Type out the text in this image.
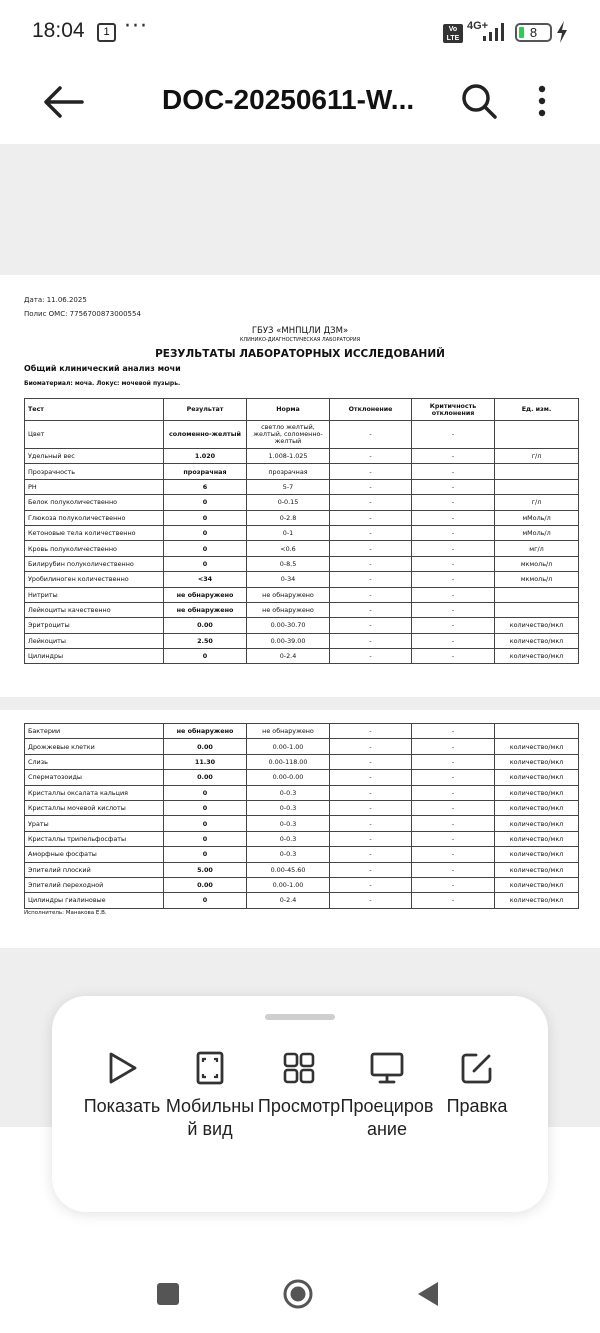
18:04	1 ···	Vo LTE
4G+	8
DOC-20250611-W...
Дата: 11.06.2025
Полис ОМС: 7756700873000554
ГБУЗ «МНПЦЛИ ДЗМ»
КЛИНИКО-ДИАГНОСТИЧЕСКАЯ ЛАБОРАТОРИЯ
РЕЗУЛЬТАТЫ ЛАБОРАТОРНЫХ ИССЛЕДОВАНИЙ
Общий клинический анализ мочи
Биоматериал: моча. Локус: мочевой пузырь.
Тест	Результат	Норма	Отклонение	Критичность отклонения	Ед. изм.
Цвет	соломенно-желтый	светло желтый, желтый, соломенно-желтый	-	-	
Удельный вес	1.020	1.008-1.025	-	-	г/л
Прозрачность	прозрачная	прозрачная	-	-	
PH	6	5-7	-	-	
Белок полуколичественно	0	0-0.15	-	-	г/л
Глюкоза полуколичественно	0	0-2.8	-	-	мМоль/л
Кетоновые тела количественно	0	0-1	-	-	мМоль/л
Кровь полуколичественно	0	<0.6	-	-	мг/л
Билирубин полуколичественно	0	0-8.5	-	-	мкмоль/л
Уробилиноген количественно	<34	0-34	-	-	мкмоль/л
Нитриты	не обнаружено	не обнаружено	-	-	
Лейкоциты качественно	не обнаружено	не обнаружено	-	-	
Эритроциты	0.00	0.00-30.70	-	-	количество/мкл
Лейкоциты	2.50	0.00-39.00	-	-	количество/мкл
Цилиндры	0	0-2.4	-	-	количество/мкл
Бактерии	не обнаружено	не обнаружено	-	-	
Дрожжевые клетки	0.00	0.00-1.00	-	-	количество/мкл
Слизь	11.30	0.00-118.00	-	-	количество/мкл
Сперматозоиды	0.00	0.00-0.00	-	-	количество/мкл
Кристаллы оксалата кальция	0	0-0.3	-	-	количество/мкл
Кристаллы мочевой кислоты	0	0-0.3	-	-	количество/мкл
Ураты	0	0-0.3	-	-	количество/мкл
Кристаллы трипельфосфаты	0	0-0.3	-	-	количество/мкл
Аморфные фосфаты	0	0-0.3	-	-	количество/мкл
Эпителий плоский	5.00	0.00-45.60	-	-	количество/мкл
Эпителий переходной	0.00	0.00-1.00	-	-	количество/мкл
Цилиндры гиалиновые	0	0-2.4	-	-	количество/мкл
Исполнитель: Манакова Е.В.
Показать Мобильный вид
Просмотр Проецирование
Правка
